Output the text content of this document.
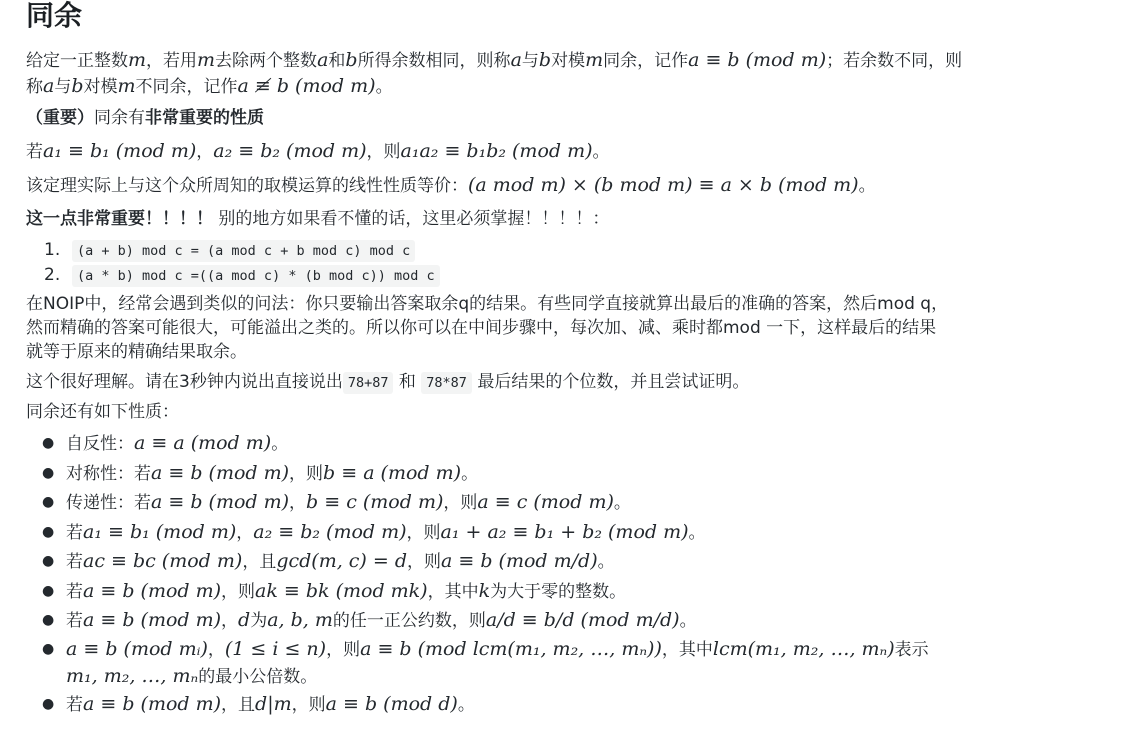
同余

给定一正整数m，若用m去除两个整数a和b所得余数相同，则称a与b对模m同余，记作a ≡ b (mod m)；若余数不同，则
称a与b对模m不同余，记作a ≢ b (mod m)。

（重要）同余有非常重要的性质

若a₁ ≡ b₁ (mod m)，a₂ ≡ b₂ (mod m)，则a₁a₂ ≡ b₁b₂ (mod m)。

该定理实际上与这个众所周知的取模运算的线性性质等价：(a mod m) × (b mod m) ≡ a × b (mod m)。

这一点非常重要！！！！ 别的地方如果看不懂的话，这里必须掌握！！！！：

1. (a + b) mod c = (a mod c + b mod c) mod c
2. (a * b) mod c =((a mod c) * (b mod c)) mod c

在NOIP中，经常会遇到类似的问法：你只要输出答案取余q的结果。有些同学直接就算出最后的准确的答案，然后mod q，
然而精确的答案可能很大，可能溢出之类的。所以你可以在中间步骤中，每次加、减、乘时都mod 一下，这样最后的结果
就等于原来的精确结果取余。

这个很好理解。请在3秒钟内说出直接说出 78+87 和 78*87 最后结果的个位数，并且尝试证明。

同余还有如下性质：

● 自反性：a ≡ a (mod m)。
● 对称性：若a ≡ b (mod m)，则b ≡ a (mod m)。
● 传递性：若a ≡ b (mod m)，b ≡ c (mod m)，则a ≡ c (mod m)。
● 若a₁ ≡ b₁ (mod m)，a₂ ≡ b₂ (mod m)，则a₁ + a₂ ≡ b₁ + b₂ (mod m)。
● 若ac ≡ bc (mod m)，且gcd(m, c) = d，则a ≡ b (mod m/d)。
● 若a ≡ b (mod m)，则ak ≡ bk (mod mk)，其中k为大于零的整数。
● 若a ≡ b (mod m)，d为a, b, m的任一正公约数，则a/d ≡ b/d (mod m/d)。
● a ≡ b (mod mᵢ)，(1 ≤ i ≤ n)，则a ≡ b (mod lcm(m₁, m₂, …, mₙ))，其中lcm(m₁, m₂, …, mₙ)表示
m₁, m₂, …, mₙ的最小公倍数。
● 若a ≡ b (mod m)，且d|m，则a ≡ b (mod d)。
